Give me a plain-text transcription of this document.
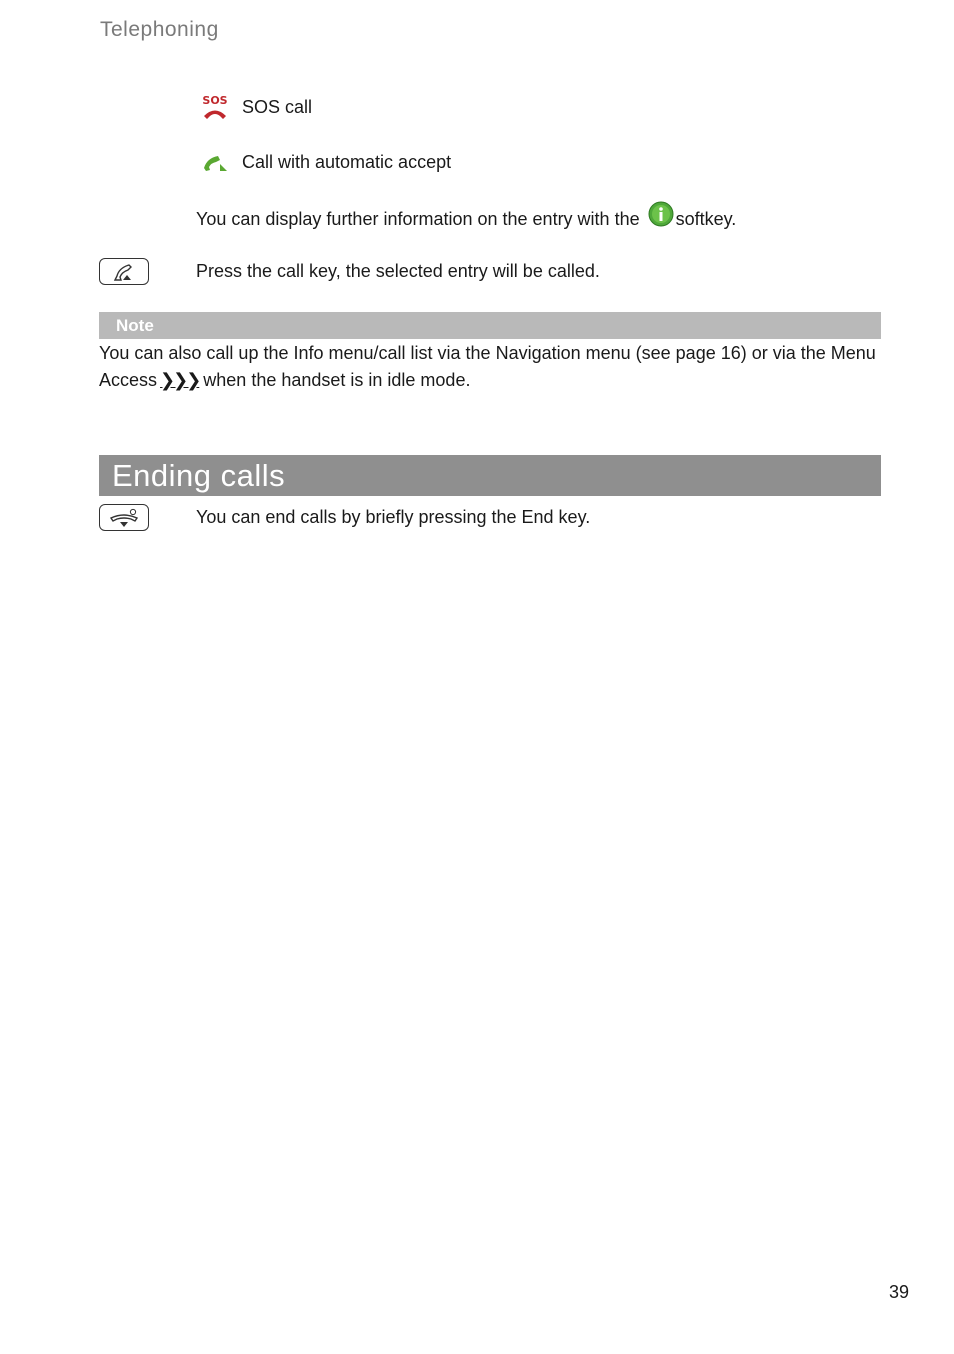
Telephoning
SOS SOS call
Call with automatic accept
You can display further information on the entry with the softkey.
Press the call key, the selected entry will be called.
Note
You can also call up the Info menu/call list via the Navigation menu (see page 16) or via the Menu
Access ❯❯❯ when the handset is in idle mode.
Ending calls
You can end calls by briefly pressing the End key.
39
